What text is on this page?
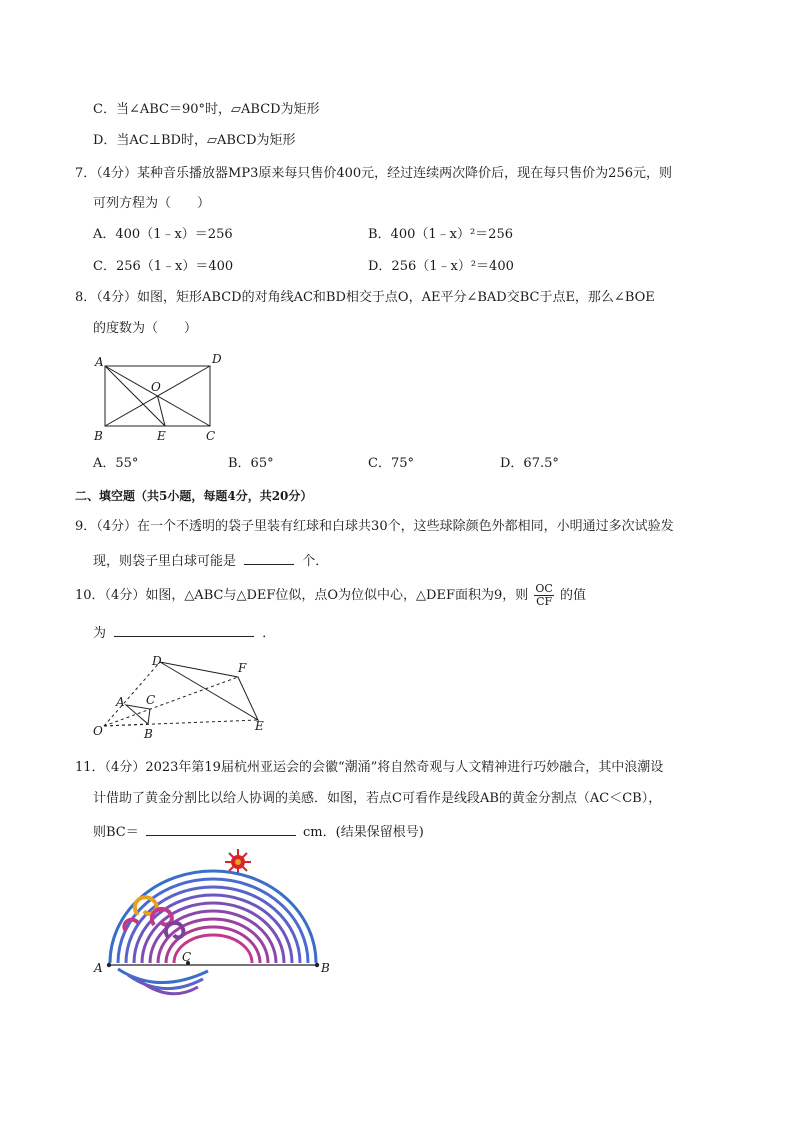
C．当∠ABC＝90°时，▱ABCD为矩形
D．当AC⊥BD时，▱ABCD为矩形
7．（4分）某种音乐播放器MP3原来每只售价400元，经过连续两次降价后，现在每只售价为256元，则
可列方程为（　　）
A．400（1﹣x）＝256	B．400（1﹣x）²＝256
C．256（1﹣x）＝400	D．256（1﹣x）²＝400
8．（4分）如图，矩形ABCD的对角线AC和BD相交于点O，AE平分∠BAD交BC于点E，那么∠BOE
的度数为（　　）
A	D
O
B	E	C
A．55°	B．65°	C．75°	D．67.5°
二、填空题（共5小题，每题4分，共20分）
9．（4分）在一个不透明的袋子里装有红球和白球共30个，这些球除颜色外都相同，小明通过多次试验发
现，则袋子里白球可能是	个．
10．（4分）如图，△ABC与△DEF位似，点O为位似中心，△DEF面积为9，则 $\frac{OC}{CF}$ 的值
为	．
D	F
A C
E
O	B
11．（4分）2023年第19届杭州亚运会的会徽“潮涌”将自然奇观与人文精神进行巧妙融合，其中浪潮设
计借助了黄金分割比以给人协调的美感．如图，若点C可看作是线段AB的黄金分割点（AC＜CB），
则BC＝	cm．(结果保留根号)
A	B
C
